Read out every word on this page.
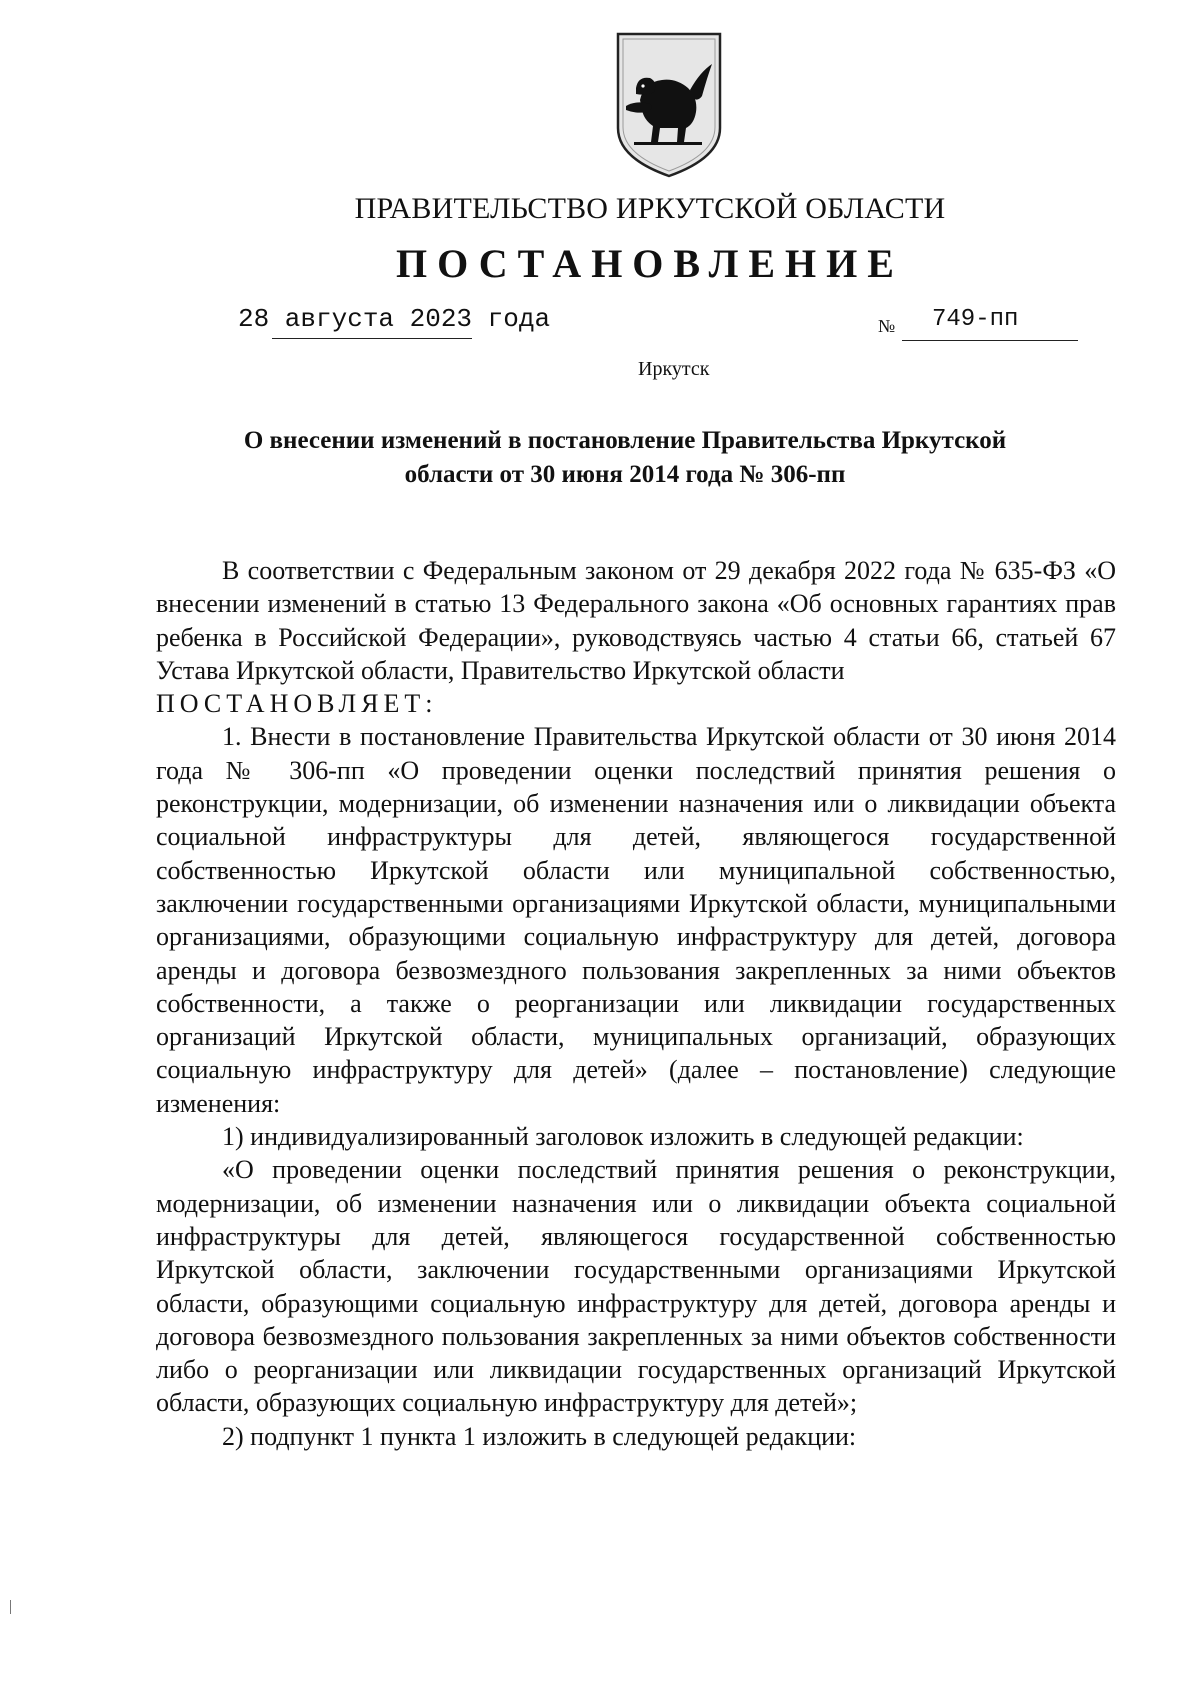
ПРАВИТЕЛЬСТВО ИРКУТСКОЙ ОБЛАСТИ
ПОСТАНОВЛЕНИЕ
28 августа 2023 года	№ 749-пп
Иркутск
О внесении изменений в постановление Правительства Иркутской
области от 30 июня 2014 года № 306-пп

В соответствии с Федеральным законом от 29 декабря 2022 года № 635-ФЗ «О внесении изменений в статью 13 Федерального закона «Об основных гарантиях прав ребенка в Российской Федерации», руководствуясь частью 4 статьи 66, статьей 67 Устава Иркутской области, Правительство Иркутской области

ПОСТАНОВЛЯЕТ:

1. Внести в постановление Правительства Иркутской области от 30 июня 2014 года № 306-пп «О проведении оценки последствий принятия решения о реконструкции, модернизации, об изменении назначения или о ликвидации объекта социальной инфраструктуры для детей, являющегося государственной собственностью Иркутской области или муниципальной собственностью, заключении государственными организациями Иркутской области, муниципальными организациями, образующими социальную инфраструктуру для детей, договора аренды и договора безвозмездного пользования закрепленных за ними объектов собственности, а также о реорганизации или ликвидации государственных организаций Иркутской области, муниципальных организаций, образующих социальную инфраструктуру для детей» (далее – постановление) следующие изменения:

1) индивидуализированный заголовок изложить в следующей редакции:

«О проведении оценки последствий принятия решения о реконструкции, модернизации, об изменении назначения или о ликвидации объекта социальной инфраструктуры для детей, являющегося государственной собственностью Иркутской области, заключении государственными организациями Иркутской области, образующими социальную инфраструктуру для детей, договора аренды и договора безвозмездного пользования закрепленных за ними объектов собственности либо о реорганизации или ликвидации государственных организаций Иркутской области, образующих социальную инфраструктуру для детей»;

2) подпункт 1 пункта 1 изложить в следующей редакции:
